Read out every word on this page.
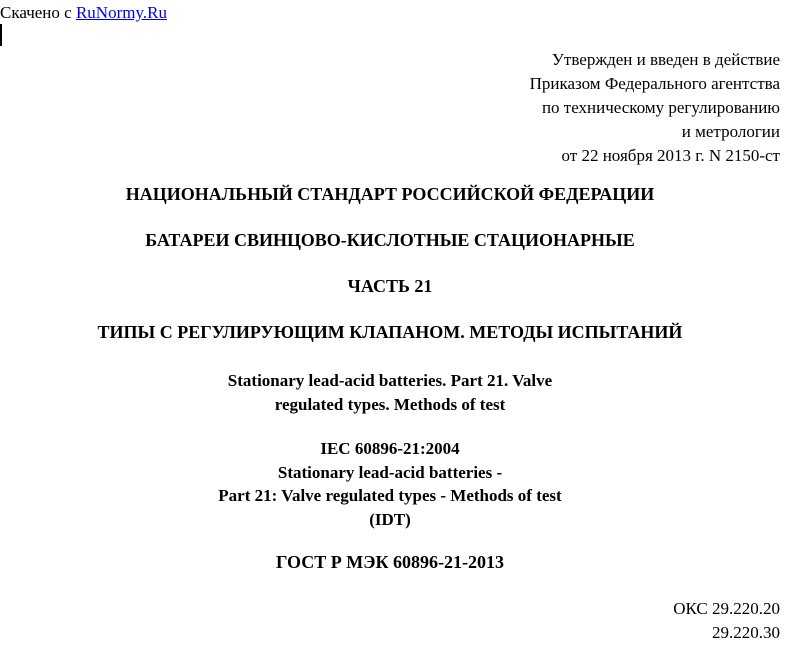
Скачено с RuNormy.Ru
Утвержден и введен в действие
Приказом Федерального агентства
по техническому регулированию
и метрологии
от 22 ноября 2013 г. N 2150-ст
НАЦИОНАЛЬНЫЙ СТАНДАРТ РОССИЙСКОЙ ФЕДЕРАЦИИ
БАТАРЕИ СВИНЦОВО-КИСЛОТНЫЕ СТАЦИОНАРНЫЕ
ЧАСТЬ 21
ТИПЫ С РЕГУЛИРУЮЩИМ КЛАПАНОМ. МЕТОДЫ ИСПЫТАНИЙ
Stationary lead-acid batteries. Part 21. Valve
regulated types. Methods of test
IEC 60896-21:2004
Stationary lead-acid batteries -
Part 21: Valve regulated types - Methods of test
(IDT)
ГОСТ Р МЭК 60896-21-2013
ОКС 29.220.20
29.220.30
